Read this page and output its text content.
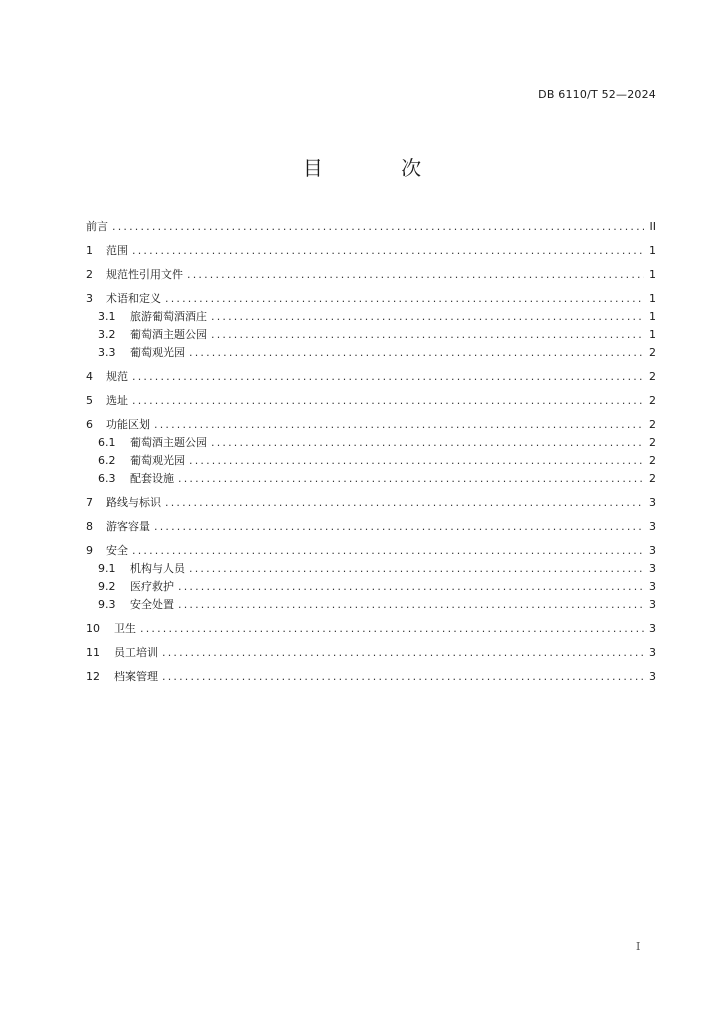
DB 6110/T 52—2024
目 次
前言 .....	II
1	范围 .....	1
2	规范性引用文件 .....	1
3	术语和定义 .....	1
3.1	旅游葡萄酒酒庄 .....	1
3.2	葡萄酒主题公园 .....	1
3.3	葡萄观光园 .....	2
4	规范 .....	2
5	选址 .....	2
6	功能区划 .....	2
6.1	葡萄酒主题公园 .....	2
6.2	葡萄观光园 .....	2
6.3	配套设施 .....	2
7	路线与标识 .....	3
8	游客容量 .....	3
9	安全 .....	3
9.1	机构与人员 .....	3
9.2	医疗救护 .....	3
9.3	安全处置 .....	3
10	卫生 .....	3
11	员工培训 .....	3
12	档案管理 .....	3
I
